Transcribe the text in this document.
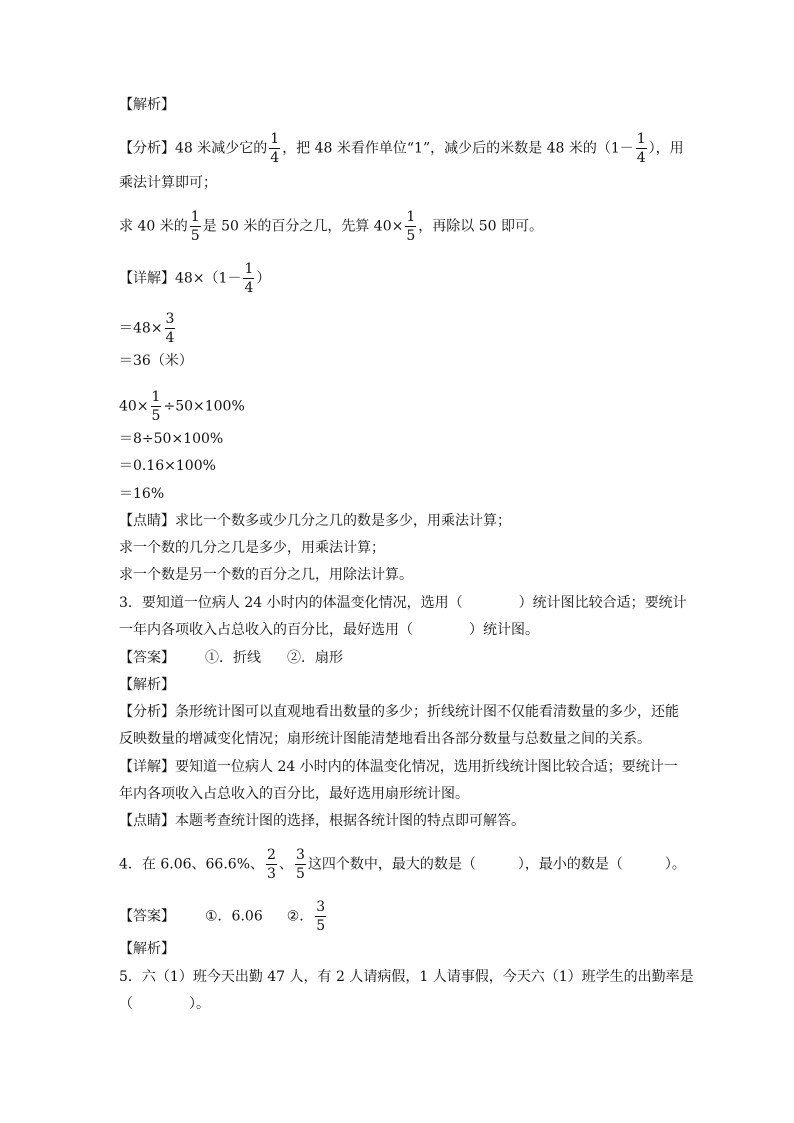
【解析】
【分析】48 米减少它的 $\frac{1}{4}$ ，把 48 米看作单位“1”，减少后的米数是 48 米的（$1- \frac{1}{4}$ ），用
乘法计算即可；
求 40 米的 $\frac{1}{5}$ 是 50 米的百分之几，先算 $40\times \frac{1}{5}$ ，再除以 50 即可。
【详解】$48\times(1- \frac{1}{4}$ ）
$=48\times \frac{3}{4}$
＝36（米）
$40\times \frac{1}{5} \div 50\times 100\%$
＝8÷50×100%
＝0.16×100%
＝16%
【点睛】求比一个数多或少几分之几的数是多少，用乘法计算；
求一个数的几分之几是多少，用乘法计算；
求一个数是另一个数的百分之几，用除法计算。
3．要知道一位病人 24 小时内的体温变化情况，选用（　　　　）统计图比较合适；要统计
一年内各项收入占总收入的百分比，最好选用（　　　　）统计图。
【答案】 ①．折线 ②．扇形
【解析】
【分析】条形统计图可以直观地看出数量的多少；折线统计图不仅能看清数量的多少，还能
反映数量的增减变化情况；扇形统计图能清楚地看出各部分数量与总数量之间的关系。
【详解】要知道一位病人 24 小时内的体温变化情况，选用折线统计图比较合适；要统计一
年内各项收入占总收入的百分比，最好选用扇形统计图。
【点睛】本题考查统计图的选择，根据各统计图的特点即可解答。
4．在 6.06、66.6%、 $\frac{2}{3}$ 、 $\frac{3}{5}$ 这四个数中，最大的数是（　　　），最小的数是（　　　）。
【答案】 ①．6.06 ②． $\frac{3}{5}$
【解析】
5．六（1）班今天出勤 47 人，有 2 人请病假，1 人请事假，今天六（1）班学生的出勤率是
（　　　　）。
